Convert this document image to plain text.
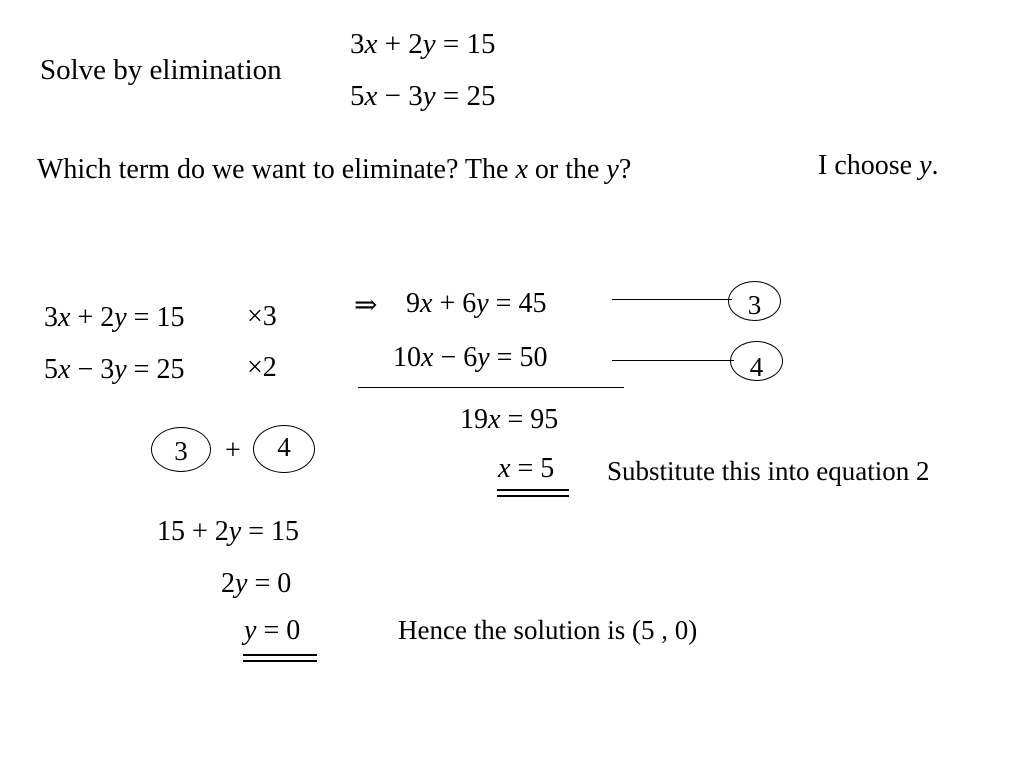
Solve by elimination
3x + 2y = 15
5x − 3y = 25
Which term do we want to eliminate? The x or the y?	I choose y.
3x + 2y = 15 ×3
5x − 3y = 25 ×2
⇒ 9x + 6y = 45	3
10x − 6y = 50	4
19x = 95
x = 5 Substitute this into equation 2
3	+	4
15 + 2y = 15
2y = 0
y = 0	Hence the solution is (5 , 0)
